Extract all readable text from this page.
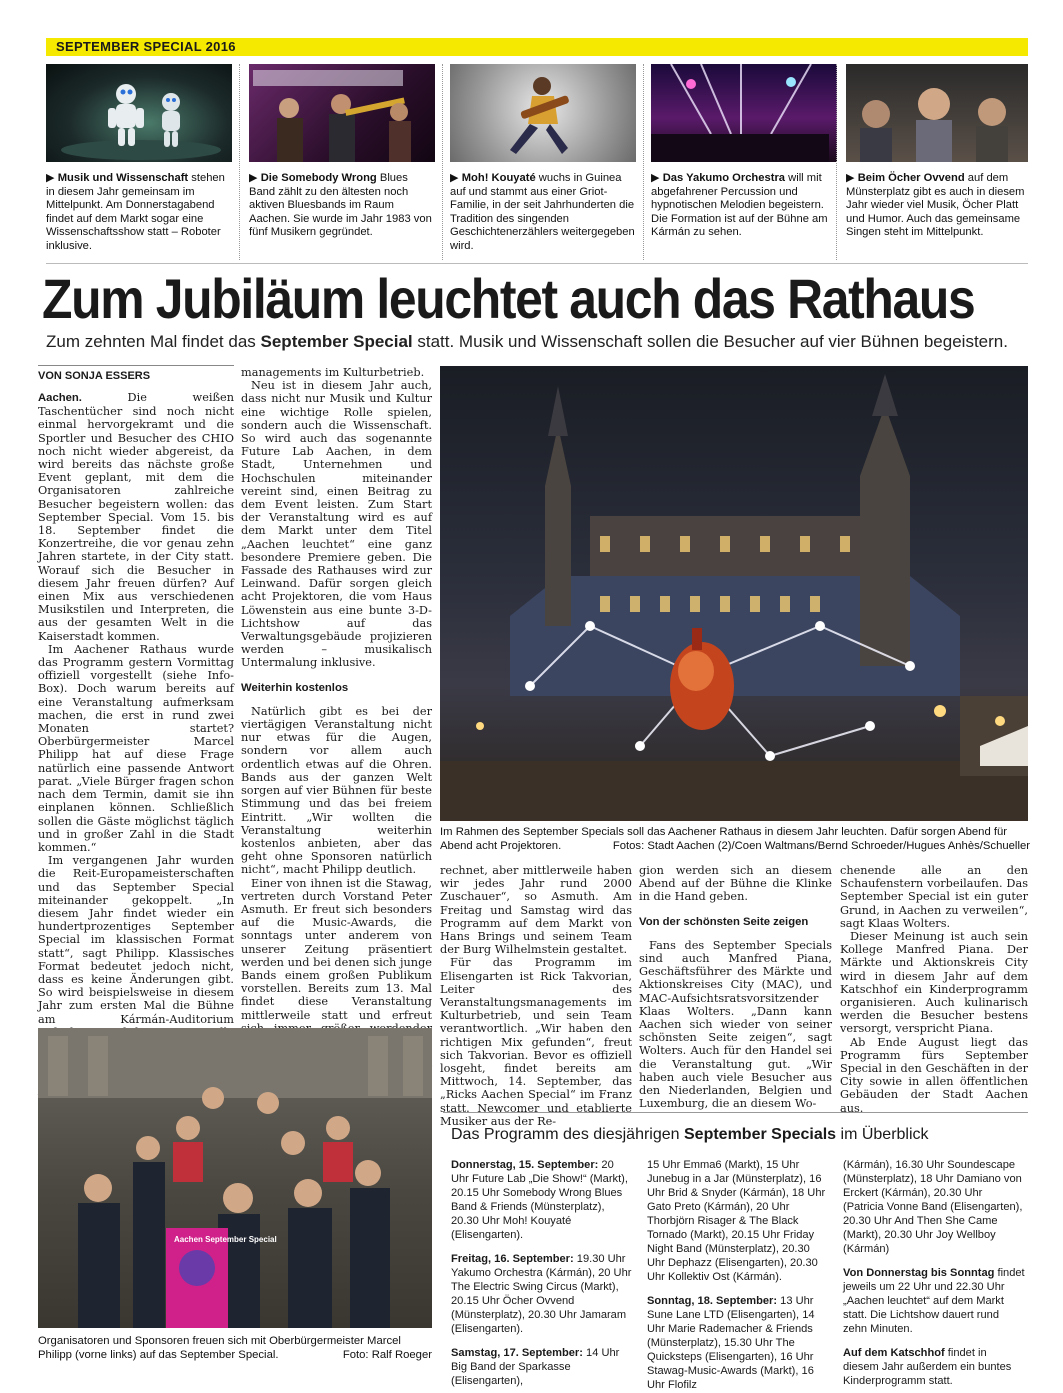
SEPTEMBER SPECIAL 2016

▶ Musik und Wissenschaft stehen in diesem Jahr gemeinsam im Mittelpunkt. Am Donnerstagabend findet auf dem Markt sogar eine Wissenschaftsshow statt – Roboter inklusive.

▶ Die Somebody Wrong Blues Band zählt zu den ältesten noch aktiven Bluesbands im Raum Aachen. Sie wurde im Jahr 1983 von fünf Musikern gegründet.

▶ Moh! Kouyaté wuchs in Guinea auf und stammt aus einer Griot-Familie, in der seit Jahrhunderten die Tradition des singenden Geschichtenerzählers weitergegeben wird.

▶ Das Yakumo Orchestra will mit abgefahrener Percussion und hypnotischen Melodien begeistern. Die Formation ist auf der Bühne am Kármán zu sehen.

▶ Beim Öcher Ovvend auf dem Münsterplatz gibt es auch in diesem Jahr wieder viel Musik, Öcher Platt und Humor. Auch das gemeinsame Singen steht im Mittelpunkt.

Zum Jubiläum leuchtet auch das Rathaus
Zum zehnten Mal findet das September Special statt. Musik und Wissenschaft sollen die Besucher auf vier Bühnen begeistern.
VON SONJA ESSERS

Aachen. Die weißen Taschentücher sind noch nicht einmal hervorgekramt und die Sportler und Besucher des CHIO noch nicht wieder abgereist, da wird bereits das nächste große Event geplant, mit dem die Organisatoren zahlreiche Besucher begeistern wollen: das September Special. Vom 15. bis 18. September findet die Konzertreihe, die vor genau zehn Jahren startete, in der City statt. Worauf sich die Besucher in diesem Jahr freuen dürfen? Auf einen Mix aus verschiedenen Musikstilen und Interpreten, die aus der gesamten Welt in die Kaiserstadt kommen.

Im Aachener Rathaus wurde das Programm gestern Vormittag offiziell vorgestellt (siehe Info-Box). Doch warum bereits auf eine Veranstaltung aufmerksam machen, die erst in rund zwei Monaten startet? Oberbürgermeister Marcel Philipp hat auf diese Frage natürlich eine passende Antwort parat. „Viele Bürger fragen schon nach dem Termin, damit sie ihn einplanen können. Schließlich sollen die Gäste möglichst täglich und in großer Zahl in die Stadt kommen.“

Im vergangenen Jahr wurden die Reit-Europameisterschaften und das September Special miteinander gekoppelt. „In diesem Jahr findet wieder ein hundertprozentiges September Special im klassischen Format statt“, sagt Philipp. Klassisches Format bedeutet jedoch nicht, dass es keine Änderungen gibt. So wird beispielsweise in diesem Jahr zum ersten Mal die Bühne am Kármán-Auditorium

managements im Kulturbetrieb.

Neu ist in diesem Jahr auch, dass nicht nur Musik und Kultur eine wichtige Rolle spielen, sondern auch die Wissenschaft. So wird auch das sogenannte Future Lab Aachen, in dem Stadt, Unternehmen und Hochschulen miteinander vereint sind, einen Beitrag zu dem Event leisten. Zum Start der Veranstaltung wird es auf dem Markt unter dem Titel „Aachen leuchtet“ eine ganz besondere Premiere geben. Die Fassade des Rathauses wird zur Leinwand. Dafür sorgen gleich acht Projektoren, die vom Haus Löwenstein aus eine bunte 3-D-Lichtshow auf das Verwaltungsgebäude projizieren werden – musikalisch Untermalung inklusive.

Weiterhin kostenlos

Natürlich gibt es bei der viertägigen Veranstaltung nicht nur etwas für die Augen, sondern vor allem auch ordentlich etwas auf die Ohren. Bands aus der ganzen Welt sorgen auf vier Bühnen für beste Stimmung und das bei freiem Eintritt. „Wir wollten die Veranstaltung weiterhin kostenlos anbieten, aber das geht ohne Sponsoren natürlich nicht“, macht Philipp deutlich.

Einer von ihnen ist die Stawag, vertreten durch Vorstand Peter Asmuth. Er freut sich besonders auf die Music-Awards, die sonntags unter anderem von unserer Zeitung präsentiert werden und bei denen sich junge Bands einem großen Publikum vorstellen. Bereits zum 13. Mal findet diese Veranstaltung mittlerweile statt und erfreut

Im Rahmen des September Specials soll das Aachener Rathaus in diesem Jahr leuchten. Dafür sorgen Abend für Abend acht Projektoren.	Fotos: Stadt Aachen (2)/Coen Waltmans/Bernd Schroeder/Hugues Anhès/Schueller

rechnet, aber mittlerweile haben wir jedes Jahr rund 2000 Zuschauer“, so Asmuth. Am Freitag und Samstag wird das Programm auf dem Markt von Hans Brings und seinem Team der Burg Wilhelmstein gestaltet.

Für das Programm im Elisengarten ist Rick Takvorian, Leiter des Veranstaltungsmanagements im Kulturbetrieb, und sein Team verantwortlich. „Wir haben den richtigen Mix gefunden“, freut sich Takvorian. Bevor es offiziell losgeht, findet bereits am Mittwoch, 14. September, das „Ricks Aachen Special“ im Franz statt. Newcomer und etablierte Musiker aus der Re-

gion werden sich an diesem Abend auf der Bühne die Klinke in die Hand geben.

Von der schönsten Seite zeigen

Fans des September Specials sind auch Manfred Piana, Geschäftsführer des Märkte und Aktionskreises City (MAC), und MAC-Aufsichtsratsvorsitzender Klaas Wolters. „Dann kann Aachen sich wieder von seiner schönsten Seite zeigen“, sagt Wolters. Auch für den Handel sei die Veranstaltung gut. „Wir haben auch viele Besucher aus den Niederlanden, Belgien und Luxemburg, die an diesem Wo-

chenende alle an den Schaufenstern vorbeilaufen. Das September Special ist ein guter Grund, in Aachen zu verweilen“, sagt Klaas Wolters.

Dieser Meinung ist auch sein Kollege Manfred Piana. Der Märkte und Aktionskreis City wird in diesem Jahr auf dem Katschhof ein Kinderprogramm organisieren. Auch kulinarisch werden die Besucher bestens versorgt, verspricht Piana.

Ab Ende August liegt das Programm fürs September Special in den Geschäften in der City sowie in allen öffentlichen Gebäuden der Stadt Aachen aus.

Aachen September Special
Organisatoren und Sponsoren freuen sich mit Oberbürgermeister Marcel Philipp (vorne links) auf das September Special.	Foto: Ralf Roeger
Das Programm des diesjährigen September Specials im Überblick

Donnerstag, 15. September: 20 Uhr Future Lab „Die Show!“ (Markt), 20.15 Uhr Somebody Wrong Blues Band & Friends (Münsterplatz), 20.30 Uhr Moh! Kouyaté (Elisengarten).

Freitag, 16. September: 19.30 Uhr Yakumo Orchestra (Kármán), 20 Uhr The Electric Swing Circus (Markt), 20.15 Uhr Öcher Ovvend (Münsterplatz), 20.30 Uhr Jamaram (Elisengarten).

Samstag, 17. September: 14 Uhr Big Band der Sparkasse (Elisengarten),

15 Uhr Emma6 (Markt), 15 Uhr Junebug in a Jar (Münsterplatz), 16 Uhr Brid & Snyder (Kármán), 18 Uhr Gato Preto (Kármán), 20 Uhr Thorbjörn Risager & The Black Tornado (Markt), 20.15 Uhr Friday Night Band (Münsterplatz), 20.30 Uhr Dephazz (Elisengarten), 20.30 Uhr Kollektiv Ost (Kármán).

Sonntag, 18. September: 13 Uhr Sune Lane LTD (Elisengarten), 14 Uhr Marie Rademacher & Friends (Münsterplatz), 15.30 Uhr The Quicksteps (Elisengarten), 16 Uhr Stawag-Music-Awards (Markt), 16 Uhr Flofilz

(Kármán), 16.30 Uhr Soundescape (Münsterplatz), 18 Uhr Damiano von Erckert (Kármán), 20.30 Uhr (Patricia Vonne Band (Elisengarten), 20.30 Uhr And Then She Came (Markt), 20.30 Uhr Joy Wellboy (Kármán)

Von Donnerstag bis Sonntag findet jeweils um 22 Uhr und 22.30 Uhr „Aachen leuchtet“ auf dem Markt statt. Die Lichtshow dauert rund zehn Minuten.

Auf dem Katschhof findet in diesem Jahr außerdem ein buntes Kinderprogramm statt.
